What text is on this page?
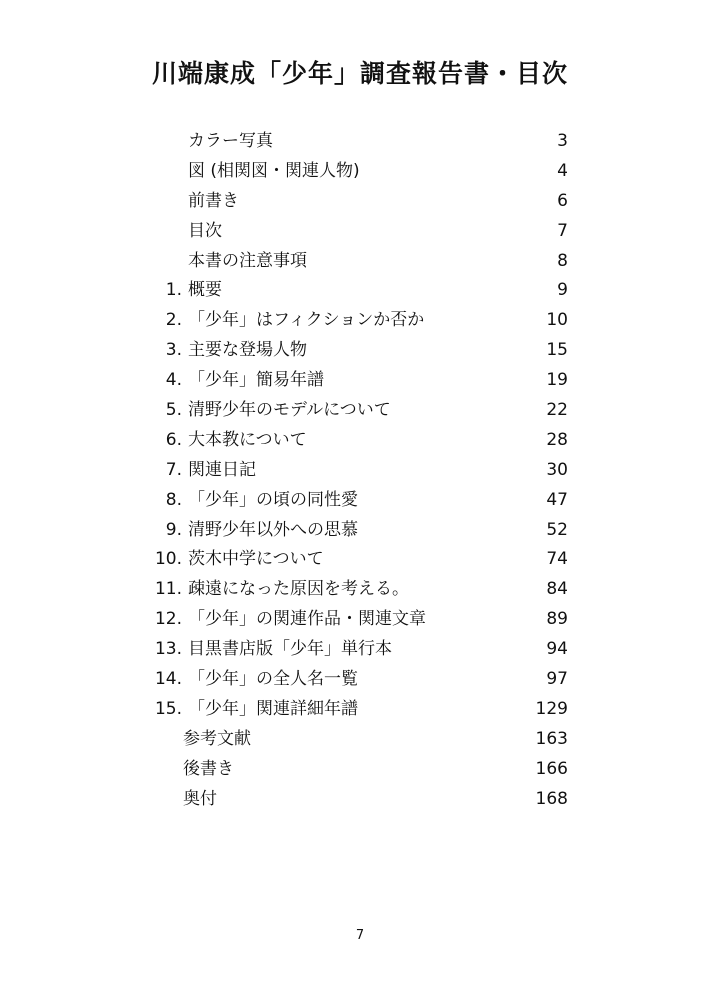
川端康成「少年」調査報告書・目次
カラー写真	3
図 (相関図・関連人物)	4
前書き	6
目次	7
本書の注意事項	8
1. 概要	9
2. 「少年」はフィクションか否か	10
3. 主要な登場人物	15
4. 「少年」簡易年譜	19
5. 清野少年のモデルについて	22
6. 大本教について	28
7. 関連日記	30
8. 「少年」の頃の同性愛	47
9. 清野少年以外への思慕	52
10. 茨木中学について	74
11. 疎遠になった原因を考える。	84
12. 「少年」の関連作品・関連文章	89
13. 目黒書店版「少年」単行本	94
14. 「少年」の全人名一覧	97
15. 「少年」関連詳細年譜	129
参考文献	163
後書き	166
奥付	168
7
